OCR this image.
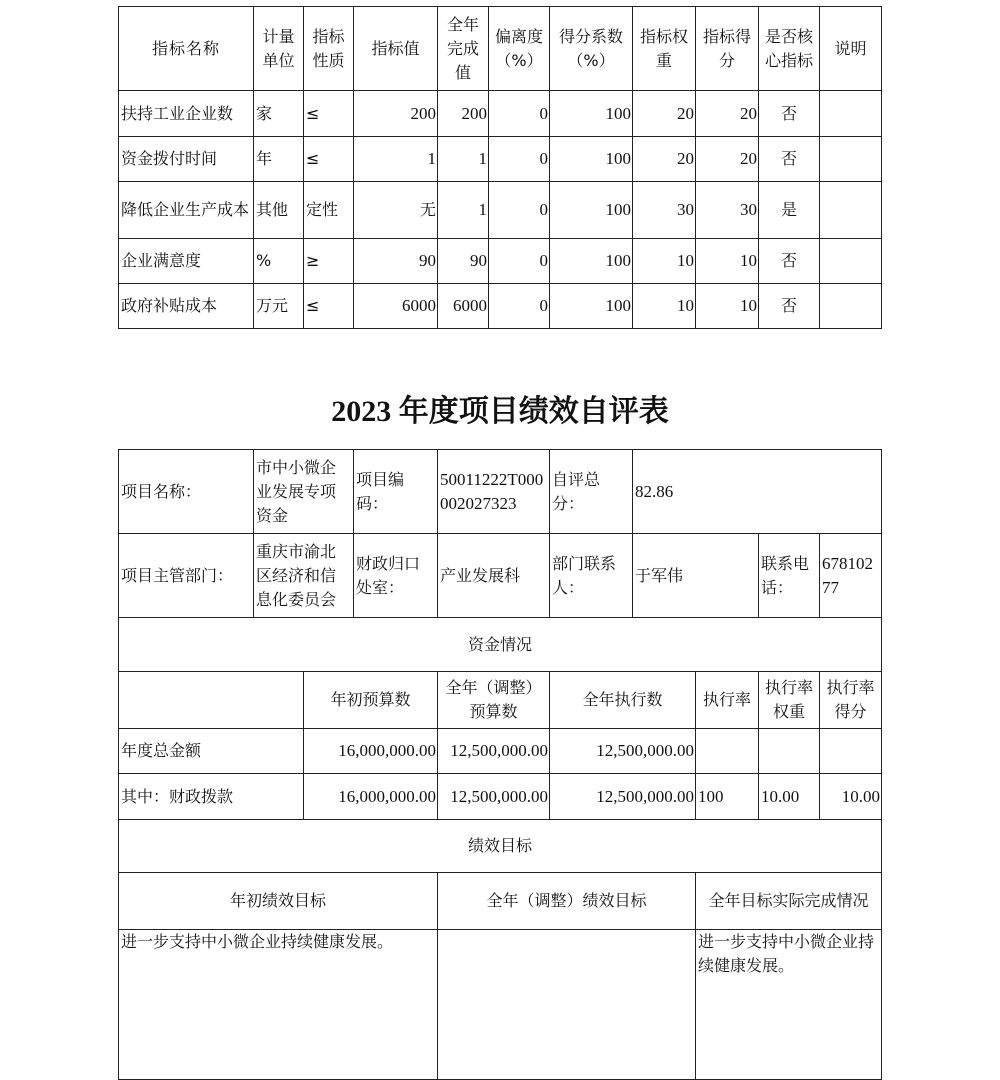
指标名称	计量单位	指标性质	指标值	全年完成值	偏离度（%）	得分系数（%）	指标权重	指标得分	是否核心指标	说明
扶持工业企业数	家	≤	200	200	0	100	20	20	否	
资金拨付时间	年	≤	1	1	0	100	20	20	否	
降低企业生产成本	其他	定性	无	1	0	100	30	30	是	
企业满意度	%	≥	90	90	0	100	10	10	否	
政府补贴成本	万元	≤	6000	6000	0	100	10	10	否	
2023 年度项目绩效自评表
项目名称：	市中小微企业发展专项资金		项目编码：	50011222T000002027323	自评总分：	82.86			
项目主管部门：	重庆市渝北区经济和信息化委员会		财政归口处室：	产业发展科	部门联系人：	于军伟		联系电话：	67810277
资金情况									
		年初预算数		全年（调整）预算数	全年执行数		执行率	执行率权重	执行率得分
年度总金额		16,000,000.00		12,500,000.00	12,500,000.00				
其中：财政拨款		16,000,000.00		12,500,000.00	12,500,000.00		100	10.00	10.00
绩效目标									
年初绩效目标				全年（调整）绩效目标			全年目标实际完成情况		
进一步支持中小微企业持续健康发展。							进一步支持中小微企业持续健康发展。		
